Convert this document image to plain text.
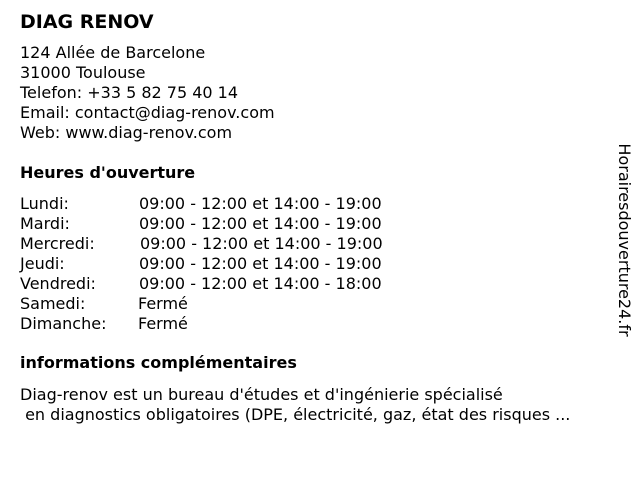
DIAG RENOV
124 Allée de Barcelone
31000 Toulouse
Telefon: +33 5 82 75 40 14
Email: contact@diag-renov.com
Web: www.diag-renov.com
Heures d'ouverture
Lundi:	09:00 - 12:00 et 14:00 - 19:00
Mardi:	09:00 - 12:00 et 14:00 - 19:00
Mercredi:	09:00 - 12:00 et 14:00 - 19:00
Jeudi:	09:00 - 12:00 et 14:00 - 19:00
Vendredi:	09:00 - 12:00 et 14:00 - 18:00
Samedi:	Fermé
Dimanche: Fermé
informations complémentaires
Diag-renov est un bureau d'études et d'ingénierie spécialisé
en diagnostics obligatoires (DPE, électricité, gaz, état des risques ...
Horairesdouverture24.fr
